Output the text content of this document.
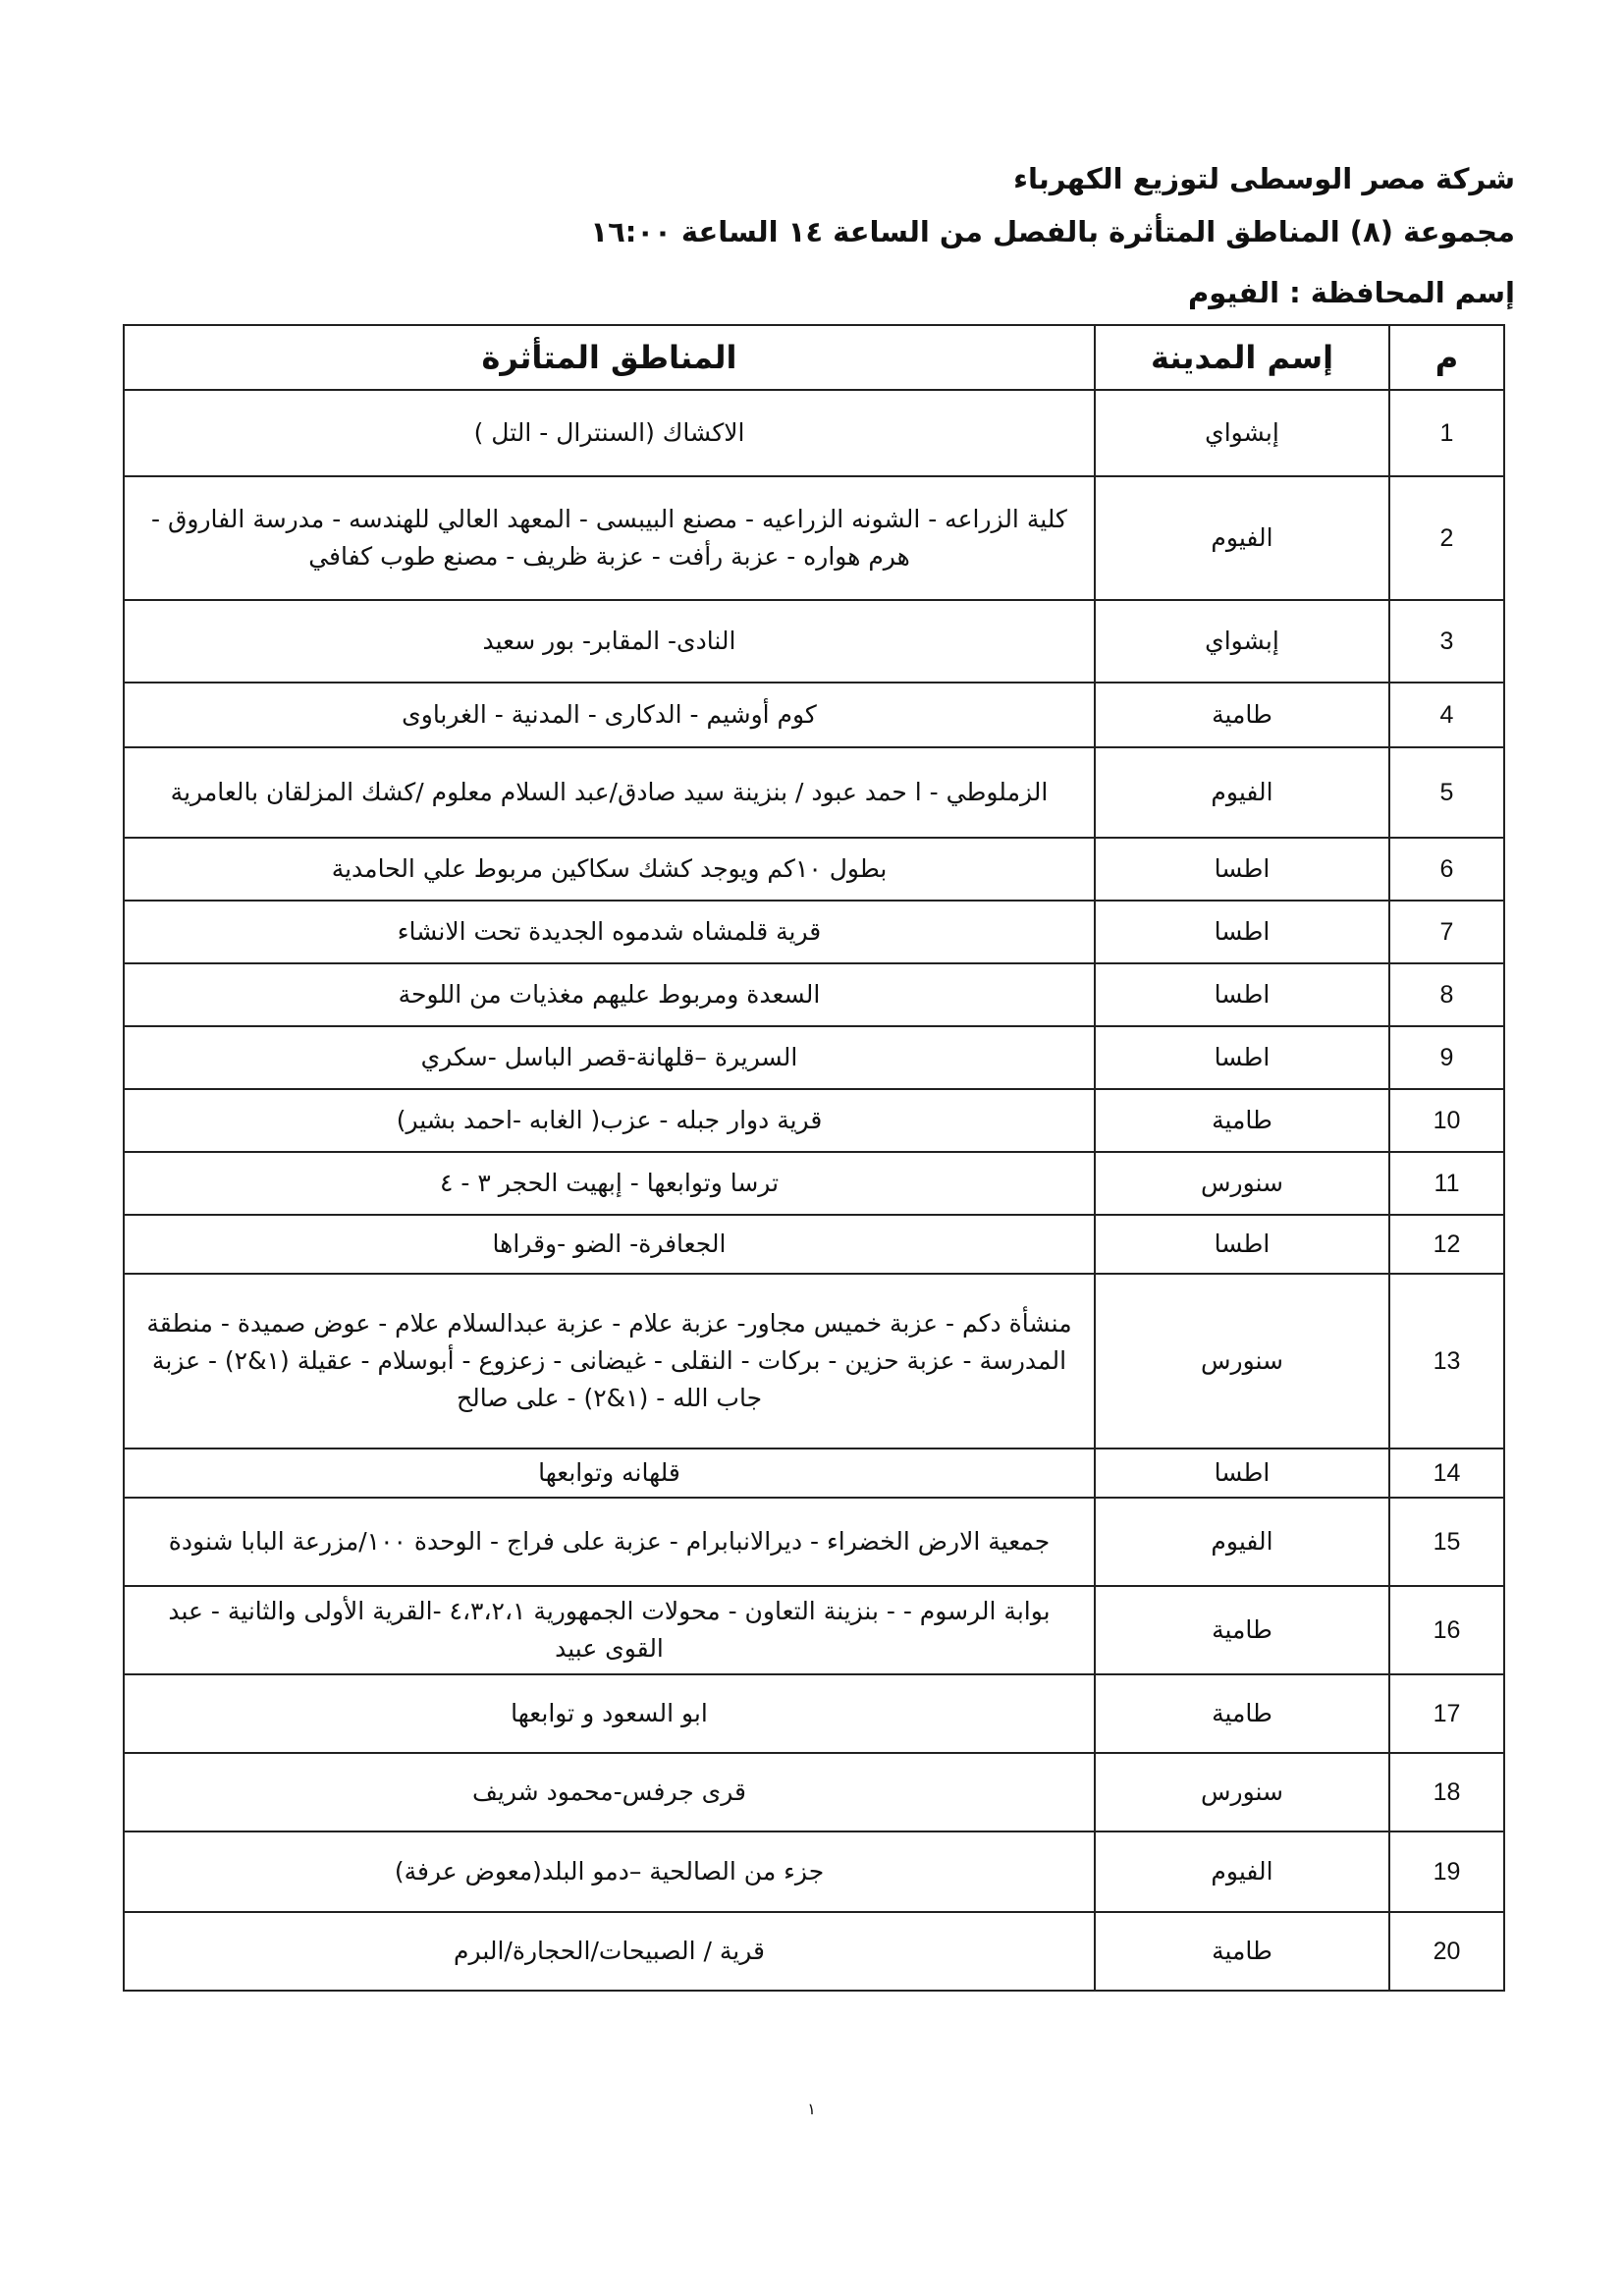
شركة مصر الوسطى لتوزيع الكهرباء
مجموعة (٨) المناطق المتأثرة بالفصل من الساعة ١٤ الساعة ١٦:٠٠
إسم المحافظة : الفيوم
م	إسم المدينة	المناطق المتأثرة
1	إبشواي	الاكشاك (السنترال - التل )
2	الفيوم	كلية الزراعه - الشونه الزراعيه - مصنع البيبسى - المعهد العالي للهندسه - مدرسة الفاروق - هرم هواره - عزبة رأفت - عزبة ظريف - مصنع طوب كفافي
3	إبشواي	النادى- المقابر- بور سعيد
4	طامية	كوم أوشيم - الدكارى - المدنية - الغرباوى
5	الفيوم	الزملوطي - ا حمد عبود / بنزينة سيد صادق/عبد السلام معلوم /كشك المزلقان بالعامرية
6	اطسا	بطول ١٠كم ويوجد كشك سكاكين مربوط علي الحامدية
7	اطسا	قرية قلمشاه شدموه الجديدة تحت الانشاء
8	اطسا	السعدة ومربوط عليهم مغذيات من اللوحة
9	اطسا	السريرة –قلهانة-قصر الباسل -سكري
10	طامية	قرية دوار جبله - عزب( الغابه -احمد بشير)
11	سنورس	ترسا وتوابعها - إبهيت الحجر ٣ - ٤
12	اطسا	الجعافرة- الضو -وقراها
13	سنورس	منشأة دكم - عزبة خميس مجاور- عزبة علام - عزبة عبدالسلام علام - عوض صميدة - منطقة المدرسة - عزبة حزين - بركات - النقلى - غيضانى - زعزوع - أبوسلام - عقيلة (١&٢) - عزبة جاب الله - (١&٢) - على صالح
14	اطسا	قلهانه وتوابعها
15	الفيوم	جمعية الارض الخضراء - ديرالانبابرام - عزبة على فراج - الوحدة ١٠٠/مزرعة البابا شنودة
16	طامية	بوابة الرسوم - - بنزينة التعاون - محولات الجمهورية ٤،٣،٢،١ -القرية الأولى والثانية - عبد القوى عبيد
17	طامية	ابو السعود و توابعها
18	سنورس	قرى جرفس-محمود شريف
19	الفيوم	جزء من الصالحية –دمو البلد(معوض عرفة)
20	طامية	قرية / الصبيحات/الحجارة/البرم
١
